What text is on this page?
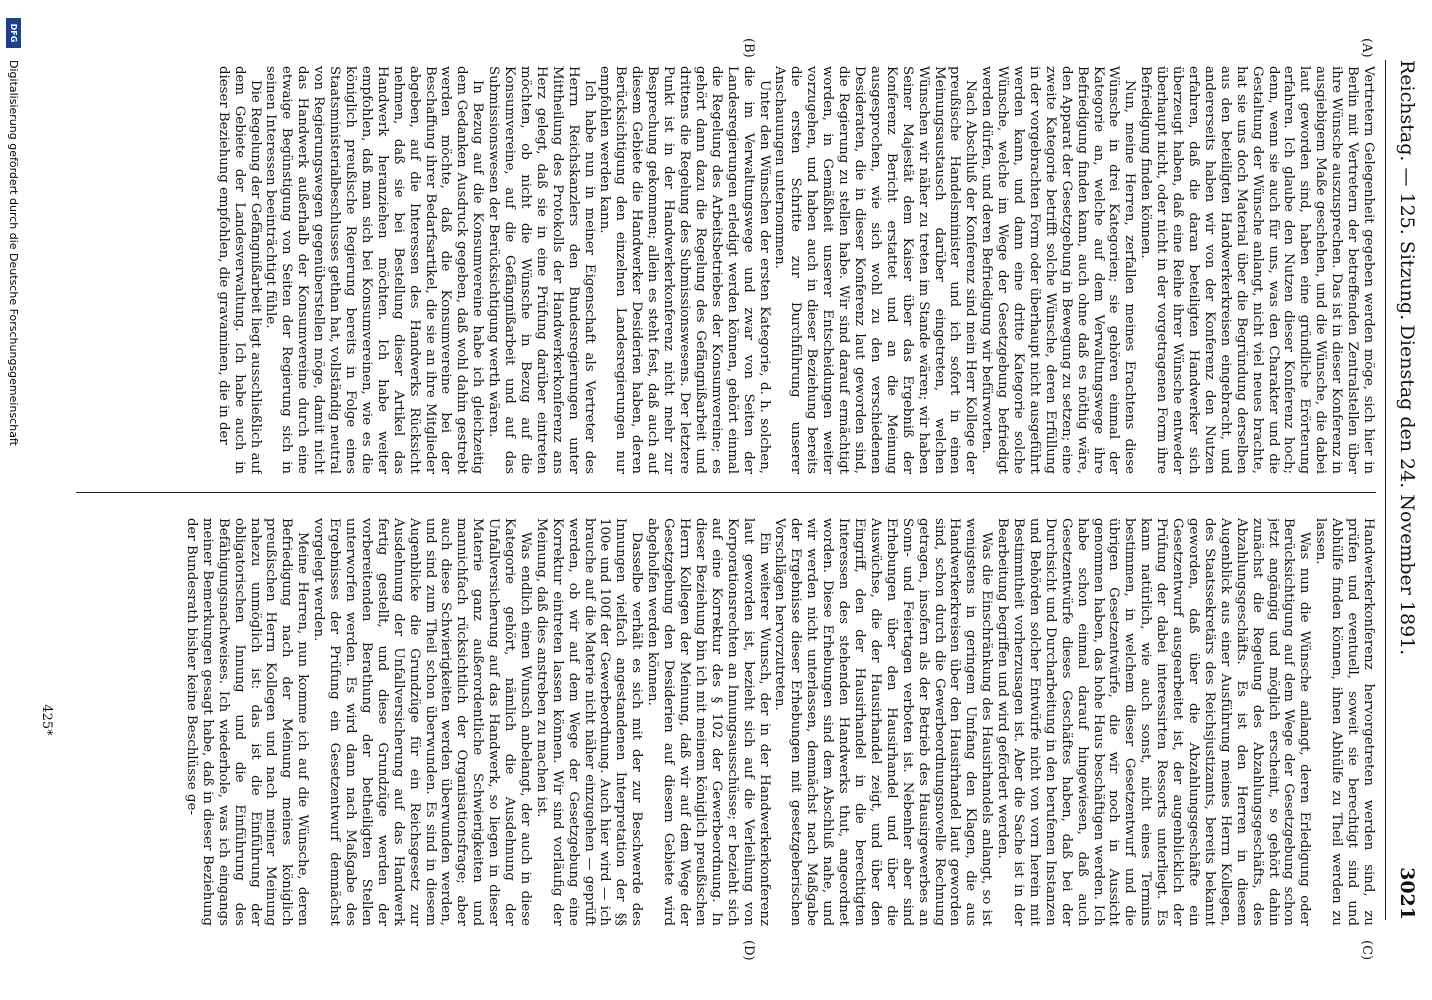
Reichstag. — 125. Sitzung.
Dienstag den 24. November 1891.
3021
(A)
(B)
(C)
(D)

Vertretern Gelegenheit gegeben werden möge, sich hier in Berlin mit Vertretern der betreffenden Zentralstellen über ihre Wünsche auszusprechen. Das ist in dieser Konferenz in ausgiebigem Maße geschehen, und die Wünsche, die dabei laut geworden sind, haben eine gründliche Erörterung erfahren. Ich glaube den Nutzen dieser Konferenz hoch; denn, wenn sie auch für uns, was den Charakter und die Gestaltung der Wünsche anlangt, nicht viel neues brachte, hat sie uns doch Material über die Begründung derselben aus den beteiligten Handwerkerkreisen eingebracht, und andererseits haben wir von der Konferenz den Nutzen erfahren, daß die daran beteiligten Handwerker sich überzeugt haben, daß eine Reihe ihrer Wünsche entweder überhaupt nicht, oder nicht in der vorgetragenen Form ihre Befriedigung finden können.

Nun, meine Herren, zerfallen meines Erachtens diese Wünsche in drei Kategorien; sie gehören einmal der Kategorie an, welche auf dem Verwaltungswege ihre Befriedigung finden kann, auch ohne daß es nöthig wäre, den Apparat der Gesetzgebung in Bewegung zu setzen; eine zweite Kategorie betrifft solche Wünsche, deren Erfüllung in der vorgebrachten Form oder überhaupt nicht ausgeführt werden kann, und dann eine dritte Kategorie solche Wünsche, welche im Wege der Gesetzgebung befriedigt werden dürfen, und deren Befriedigung wir befürworten.

Nach Abschluß der Konferenz sind mein Herr Kollege der preußische Handelsminister und ich sofort in einen Meinungsaustausch darüber eingetreten, welchen Wünschen wir näher zu treten im Stande wären; wir haben Seiner Majestät dem Kaiser über das Ergebniß der Konferenz Bericht erstattet und an die Meinung ausgesprochen, wie sich wohl zu den verschiedenen Desideraten, die in dieser Konferenz laut geworden sind, die Regierung zu stellen habe. Wir sind darauf ermächtigt worden, in Gemäßheit unserer Entscheidungen weiter vorzugehen, und haben auch in dieser Beziehung bereits die ersten Schritte zur Durchführung unserer Anschauungen unternommen.

Unter den Wünschen der ersten Kategorie, d. h. solchen, die im Verwaltungswege und zwar von Seiten der Landesregierungen erledigt werden können, gehört einmal die Regelung des Arbeitsbetriebes der Konsumvereine; es gehört dann dazu die Regelung des Gefängnißarbeit und drittens die Regelung des Submissionswesens. Der letztere Punkt ist in der Handwerkerkonferenz nicht mehr zur Besprechung gekommen; allein es steht fest, daß auch auf diesem Gebiete die Handwerker Desiderien haben, deren Berücksichtigung den einzelnen Landesregierungen nur empfohlen werden kann.

Ich habe nun in meiner Eigenschaft als Vertreter des Herrn Reichskanzlers den Bundesregierungen unter Mittheilung des Protokolls der Handwerkerkonferenz ans Herz gelegt, daß sie in eine Prüfung darüber eintreten möchten, ob nicht die Wünsche in Bezug auf die Konsumvereine, auf die Gefängnißarbeit und auf das Submissionswesen der Berücksichtigung werth wären.

In Bezug auf die Konsumvereine habe ich gleichzeitig dem Gedanken Ausdruck gegeben, daß wohl dahin gestrebt werden möchte, daß die Konsumvereine bei der Beschaffung ihrer Bedarfsartikel, die sie an ihre Mitglieder abgeben, auf die Interessen des Handwerks Rücksicht nehmen, daß sie bei Bestellung dieser Artikel das Handwerk heranziehen möchten. Ich habe weiter empfohlen, daß man sich bei Konsumvereinen, wie es die königlich preußische Regierung bereits in Folge eines Staatsministerialbeschlusses gethan hat, vollständig neutral von Regierungswegen gegenüberstellen möge, damit nicht das Handwerk außerhalb der Konsumvereine durch eine etwaige Begünstigung von Seiten der Regierung sich in seinen Interessen beeinträchtigt fühle.

Die Regelung der Gefängnißarbeit liegt ausschließlich auf dem Gebiete der Landesverwaltung. Ich habe auch in dieser Beziehung empfohlen, die gravaminen, die in der

Handwerkerkonferenz hervorgetreten werden sind, zu prüfen und eventuell, soweit sie berechtigt sind und Abhülfe finden können, ihnen Abhülfe zu Theil werden zu lassen.

Was nun die Wünsche anlangt, deren Erledigung oder Berücksichtigung auf dem Wege der Gesetzgebung schon jetzt angängig und möglich erscheint, so gehört dahin zunächst die Regelung des Abzahlungsgeschäfts, des Abzahlungsgeschäfts. Es ist den Herren in diesem Augenblick aus einer Ausführung meines Herrn Kollegen, des Staatssekretärs des Reichsjustizamts, bereits bekannt geworden, daß über die Abzahlungsgeschäfte ein Gesetzentwurf ausgearbeitet ist, der augenblicklich der Prüfung der dabei interessirten Ressorts unterliegt. Es kann natürlich, wie auch sonst, nicht eines Termins bestimmen, in welchem dieser Gesetzentwurf und die übrigen Gesetzentwürfe, die wir noch in Aussicht genommen haben, das hohe Haus beschäftigen werden. Ich habe schon einmal darauf hingewiesen, daß auch Gesetzentwürfe dieses Geschäftes haben, daß bei der Durchsicht und Durcharbeitung in den berufenen Instanzen und Behörden solcher Entwürfe nicht von vorn herein mit Bestimmtheit vorherzusagen ist. Aber die Sache ist in der Bearbeitung begriffen und wird gefördert werden.

Was die Einschränkung des Hausirhandels anlangt, so ist wenigstens in geringem Umfang den Klagen, die aus Handwerkerkreisen über den Hausirhandel laut geworden sind, schon durch die Gewerbeordnungsnovelle Rechnung getragen, insofern als der Betrieb des Hausirgewerbes an Sonn- und Feiertagen verboten ist. Nebenher aber sind Erhebungen über den Hausirhandel und über die Auswüchse, die der Hausirhandel zeigt, und über den Eingriff, den der Hausirhandel in die berechtigten Interessen des stehenden Handwerks thut, angeordnet worden. Diese Erhebungen sind dem Abschluß nahe, und wir werden nicht unterlassen, demnächst nach Maßgabe der Ergebnisse dieser Erhebungen mit gesetzgeberischen Vorschlägen hervorzutreten.

Ein weiterer Wunsch, der in der Handwerkerkonferenz laut geworden ist, bezieht sich auf die Verleihung von Korporationsrechten an Innungsausschüsse; er bezieht sich auf eine Korrektur des § 102 der Gewerbeordnung. In dieser Beziehung bin ich mit meinem königlich preußischen Herrn Kollegen der Meinung, daß wir auf dem Wege der Gesetzgebung den Desiderien auf diesem Gebiete wird abgeholfen werden können.

Dasselbe verhält es sich mit der zur Beschwerde des Innungen vielfach angestandenen Interpretation der §§ 100e und 100f der Gewerbeordnung. Auch hier wird — ich brauche auf die Materie nicht näher einzugehen — geprüft werden, ob wir auf dem Wege der Gesetzgebung eine Korrektur eintreten lassen können. Wir sind vorläufig der Meinung, daß dies anstreben zu machen ist.

Was endlich einen Wunsch anbelangt, der auch in diese Kategorie gehört, nämlich die Ausdehnung der Unfallversicherung auf das Handwerk, so liegen in dieser Materie ganz außerordentliche Schwierigkeiten und mannichfach rücksichtlich der Organisationsfrage; aber auch diese Schwierigkeiten werden überwunden werden, und sind zum Theil schon überwunden. Es sind in diesem Augenblicke die Grundzüge für ein Reichsgesetz zur Ausdehnung der Unfallversicherung auf das Handwerk fertig gestellt, und diese Grundzüge werden der vorbereitenden Berathung der betheiligten Stellen unterworfen werden. Es wird dann nach Maßgabe des Ergebnisses der Prüfung ein Gesetzentwurf demnächst vorgelegt werden.

Meine Herren, nun komme ich auf die Wünsche, deren Befriedigung nach der Meinung meines königlich preußischen Herrn Kollegen und nach meiner Meinung nahezu unmöglich ist: das ist die Einführung der obligatorischen Innung und die Einführung des Befähigungsnachweises. Ich wiederhole, was ich eingangs meiner Bemerkungen gesagt habe, daß in dieser Beziehung der Bundesrath bisher keine Beschlüsse ge-

425*
DFG
Digitalisierung gefördert durch die Deutsche Forschungsgemeinschaft
